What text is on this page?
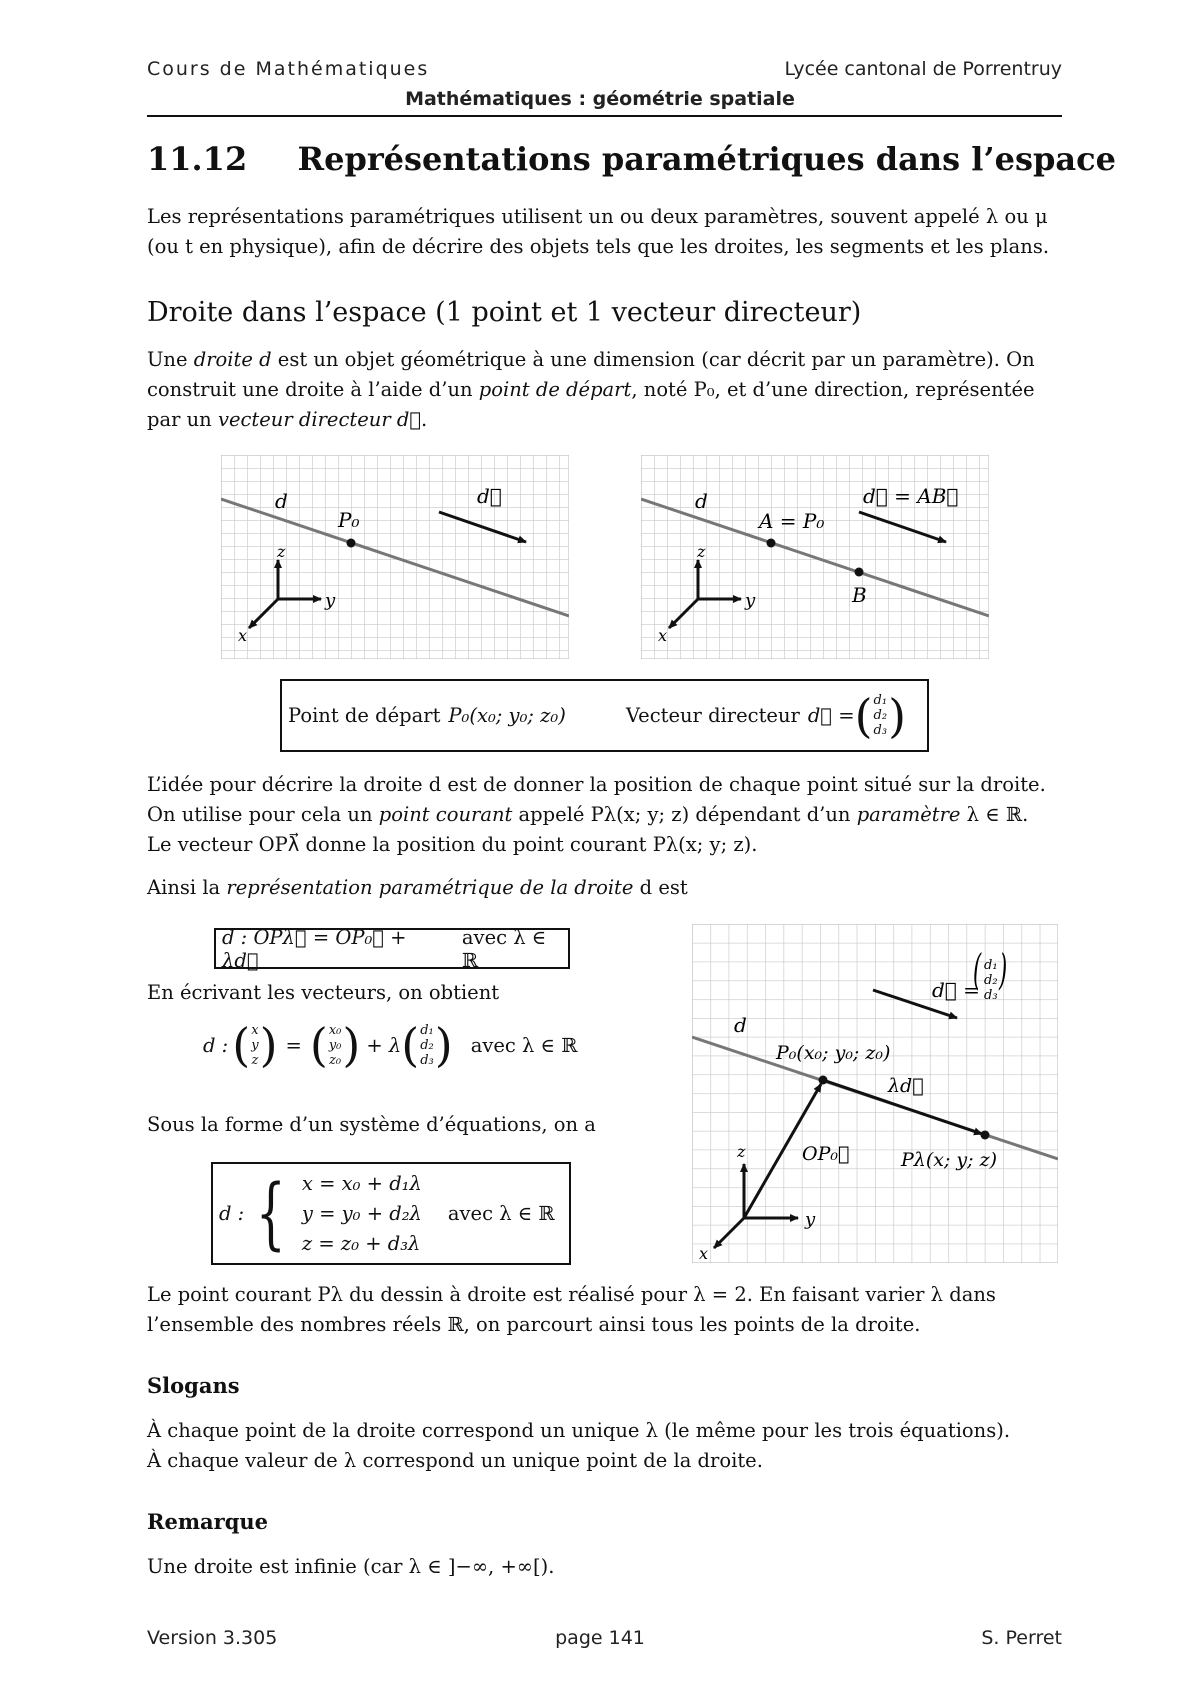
Cours de Mathématiques	Lycée cantonal de Porrentruy
Mathématiques : géométrie spatiale
11.12 Représentations paramétriques dans l’espace
Les représentations paramétriques utilisent un ou deux paramètres, souvent appelé λ ou μ
(ou t en physique), afin de décrire des objets tels que les droites, les segments et les plans.
Droite dans l’espace (1 point et 1 vecteur directeur)
Une droite d est un objet géométrique à une dimension (car décrit par un paramètre). On
construit une droite à l’aide d’un point de départ, noté P₀, et d’une direction, représentée
par un vecteur directeur d⃗.
d
P₀
d⃗
z
y
x
d
A = P₀
B
d⃗ = AB⃗
z
y
x
Point de départ P₀(x₀; y₀; z₀)	Vecteur directeur d⃗ = ( d₁
d₂
d₃ )
L’idée pour décrire la droite d est de donner la position de chaque point situé sur la droite.
On utilise pour cela un point courant appelé Pλ(x; y; z) dépendant d’un paramètre λ ∈ ℝ.
Le vecteur OPλ⃗ donne la position du point courant Pλ(x; y; z).
Ainsi la représentation paramétrique de la droite d est
d : OPλ⃗ = OP₀⃗ + λd⃗
avec λ ∈ ℝ
En écrivant les vecteurs, on obtient
d : ( x
y
z ) = ( x₀
y₀
z₀ ) + λ ( d₁
d₂
d₃ ) avec λ ∈ ℝ
Sous la forme d’un système d’équations, on a
d : { x = x₀ + d₁λ
y = y₀ + d₂λ
z = z₀ + d₃λ
avec λ ∈ ℝ
d
d⃗ =
( d₁
d₂
d₃
)
P₀(x₀; y₀; z₀)
λd⃗
OP₀⃗	Pλ(x; y; z)
z
y
x
Le point courant Pλ du dessin à droite est réalisé pour λ = 2. En faisant varier λ dans
l’ensemble des nombres réels ℝ, on parcourt ainsi tous les points de la droite.
Slogans
À chaque point de la droite correspond un unique λ (le même pour les trois équations).
À chaque valeur de λ correspond un unique point de la droite.
Remarque
Une droite est infinie (car λ ∈ ]−∞, +∞[).
Version 3.305	page 141	S. Perret
